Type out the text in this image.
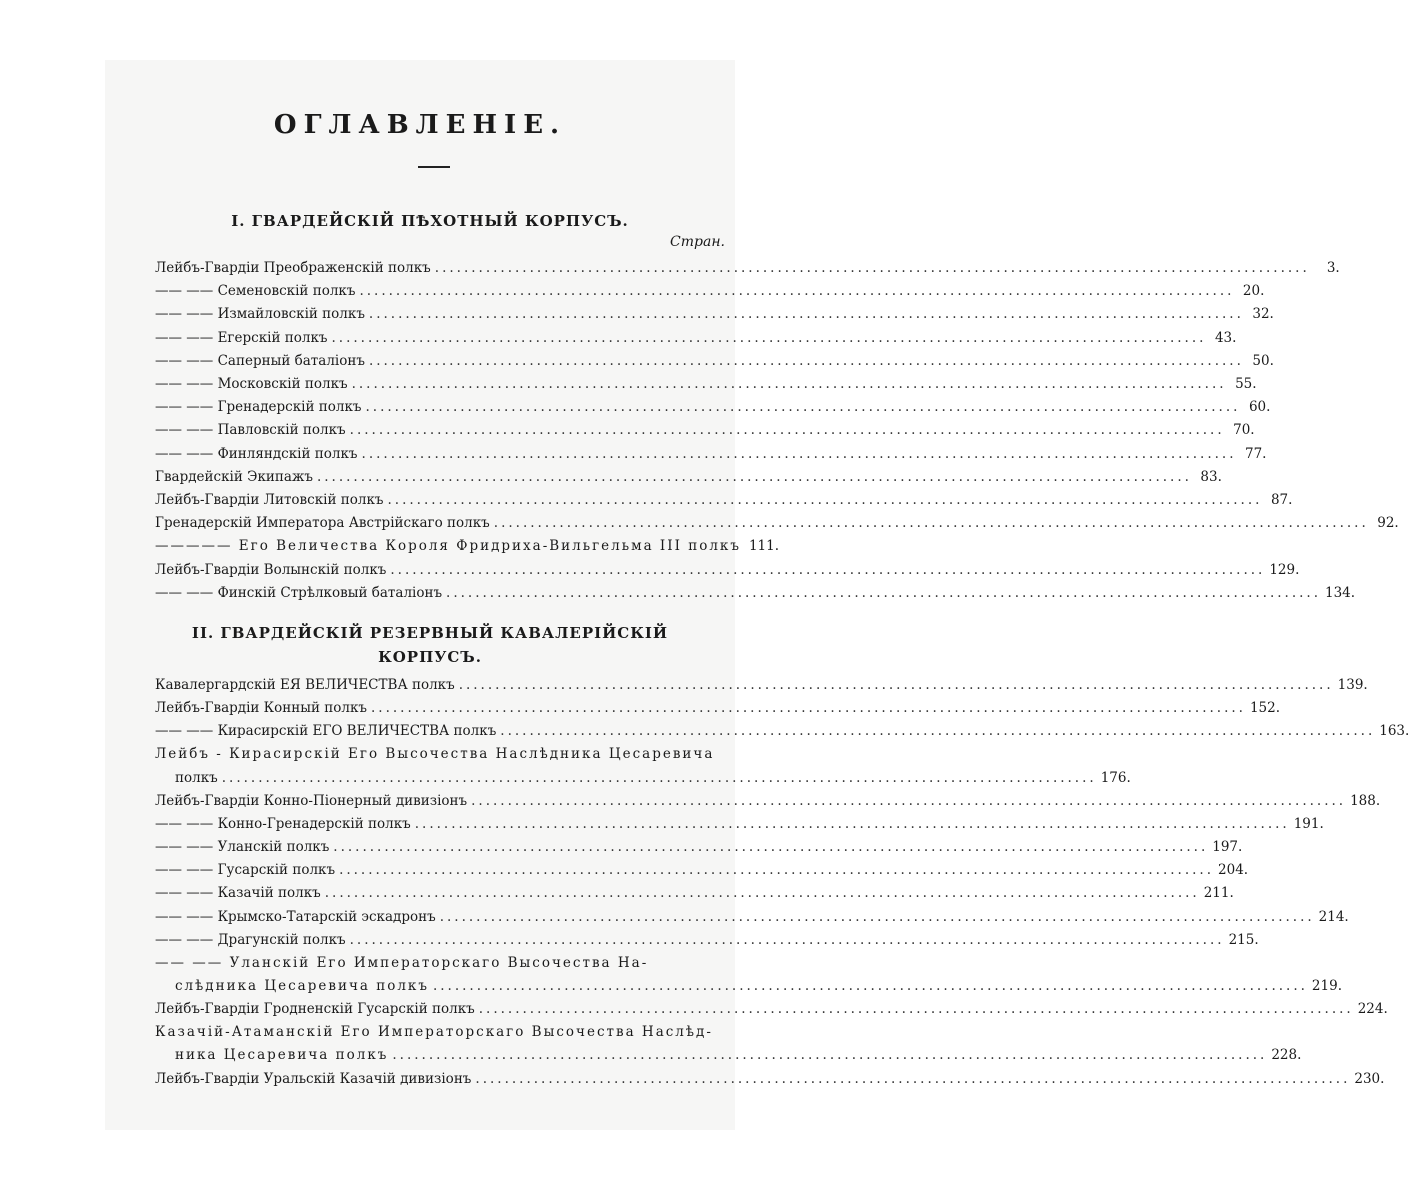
ОГЛАВЛЕНІЕ.
I. ГВАРДЕЙСКІЙ ПѢХОТНЫЙ КОРПУСЪ.
Стран.
II. ГВАРДЕЙСКІЙ РЕЗЕРВНЫЙ КАВАЛЕРІЙСКІЙ
КОРПУСЪ.
Лейбъ-Гвардіи Преображенскій полкъ ........................................................................................................................	3.
—— —— Семеновскій полкъ ........................................................................................................................ 20.
—— —— Измайловскій полкъ ........................................................................................................................ 32.
—— —— Егерскій полкъ ........................................................................................................................ 43.
—— —— Саперный баталіонъ ........................................................................................................................ 50.
—— —— Московскій полкъ ........................................................................................................................ 55.
—— —— Гренадерскій полкъ ........................................................................................................................ 60.
—— —— Павловскій полкъ ........................................................................................................................ 70.
—— —— Финляндскій полкъ ........................................................................................................................ 77.
Гвардейскій Экипажъ ........................................................................................................................ 83.
Лейбъ-Гвардіи Литовскій полкъ ........................................................................................................................ 87.
Гренадерскій Императора Австрійскаго полкъ ........................................................................................................................ 92.
————— Его Величества Короля Фридриха-Вильгельма III полкъ 111.
Лейбъ-Гвардіи Волынскій полкъ ........................................................................................................................ 129.
—— —— Финскій Стрѣлковый баталіонъ ........................................................................................................................ 134.
Кавалергардскій ЕЯ ВЕЛИЧЕСТВА полкъ ........................................................................................................................ 139.
Лейбъ-Гвардіи Конный полкъ ........................................................................................................................ 152.
—— —— Кирасирскій ЕГО ВЕЛИЧЕСТВА полкъ ........................................................................................................................ 163.
Лейбъ - Кирасирскій Его Высочества Наслѣдника Цесаревича
полкъ ........................................................................................................................ 176.
Лейбъ-Гвардіи Конно-Піонерный дивизіонъ ........................................................................................................................ 188.
—— —— Конно-Гренадерскій полкъ ........................................................................................................................ 191.
—— —— Уланскій полкъ ........................................................................................................................ 197.
—— —— Гусарскій полкъ ........................................................................................................................ 204.
—— —— Казачій полкъ ........................................................................................................................ 211.
—— —— Крымско-Татарскій эскадронъ ........................................................................................................................ 214.
—— —— Драгунскій полкъ ........................................................................................................................ 215.
—— —— Уланскій Его Императорскаго Высочества На-
слѣдника Цесаревича полкъ ........................................................................................................................ 219.
Лейбъ-Гвардіи Гродненскій Гусарскій полкъ ........................................................................................................................ 224.
Казачій-Атаманскій Его Императорскаго Высочества Наслѣд-
ника Цесаревича полкъ ........................................................................................................................ 228.
Лейбъ-Гвардіи Уральскій Казачій дивизіонъ ........................................................................................................................ 230.
